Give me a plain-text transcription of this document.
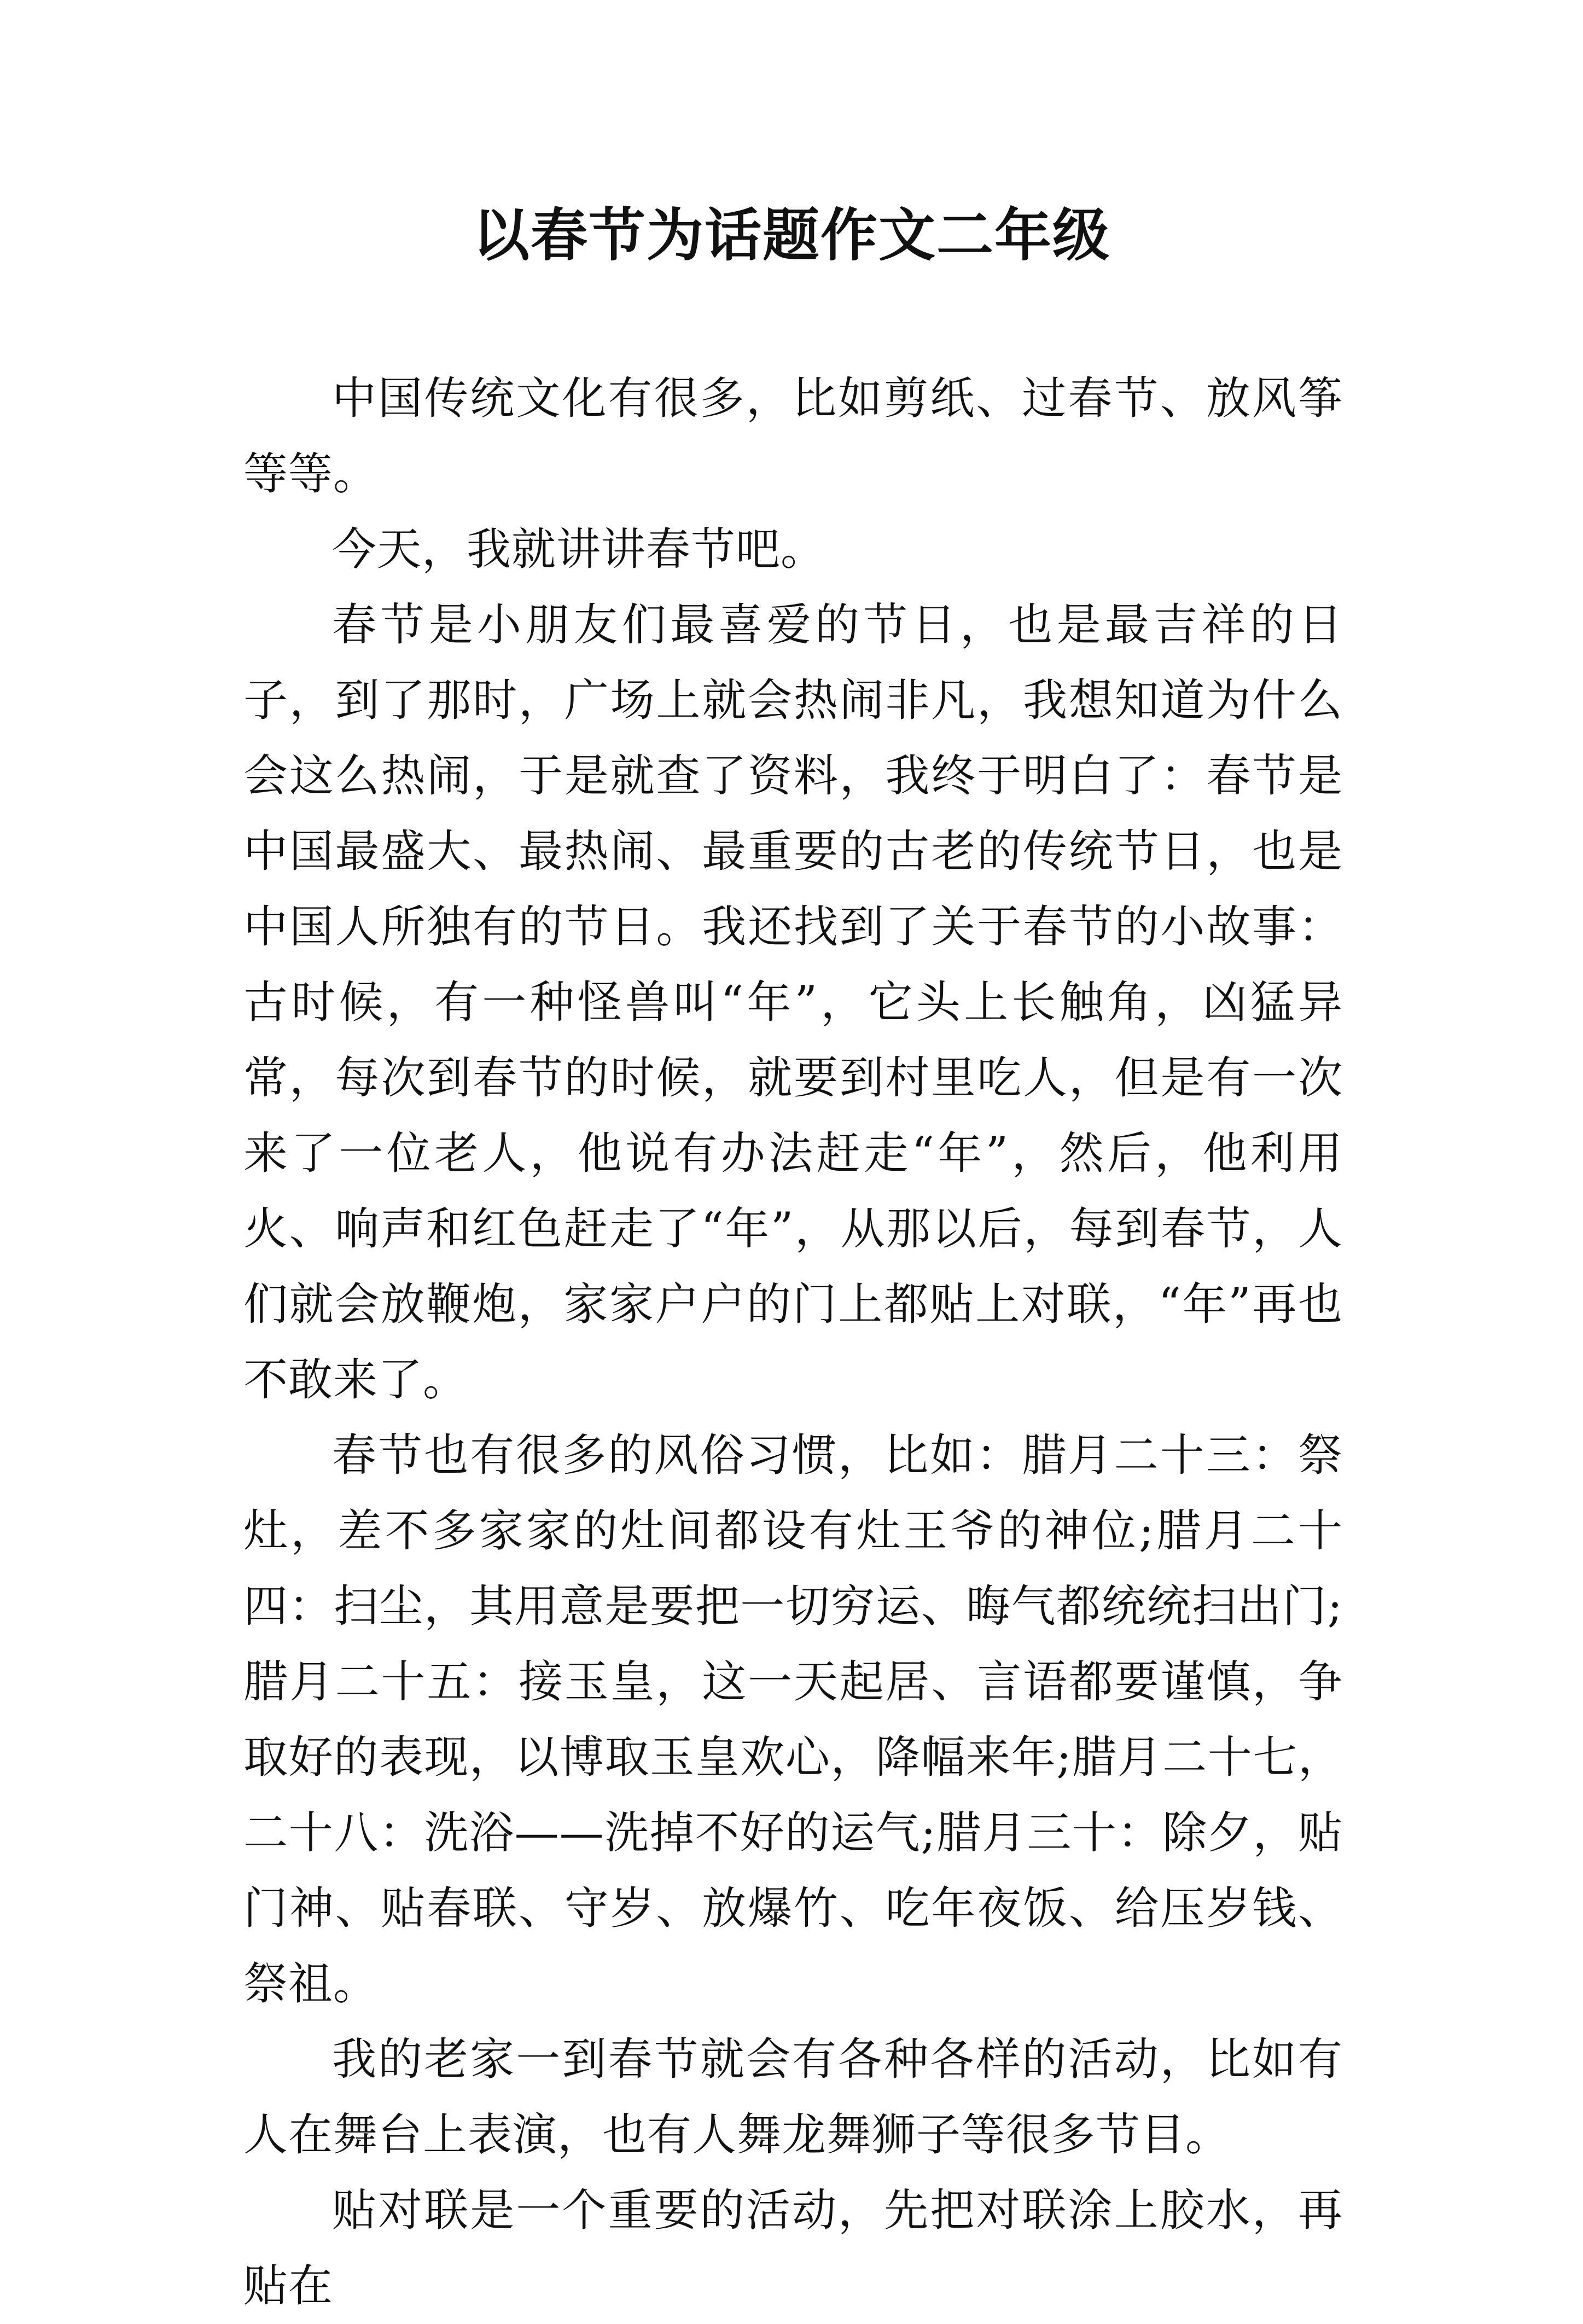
以春节为话题作文二年级

中国传统文化有很多，比如剪纸、过春节、放风筝等等。

今天，我就讲讲春节吧。

春节是小朋友们最喜爱的节日，也是最吉祥的日子，到了那时，广场上就会热闹非凡，我想知道为什么会这么热闹，于是就查了资料，我终于明白了：春节是中国最盛大、最热闹、最重要的古老的传统节日，也是中国人所独有的节日。我还找到了关于春节的小故事：古时候，有一种怪兽叫“年”，它头上长触角，凶猛异常，每次到春节的时候，就要到村里吃人，但是有一次来了一位老人，他说有办法赶走“年”，然后，他利用火、响声和红色赶走了“年”，从那以后，每到春节，人们就会放鞭炮，家家户户的门上都贴上对联，“年”再也不敢来了。

春节也有很多的风俗习惯，比如：腊月二十三：祭灶，差不多家家的灶间都设有灶王爷的神位;腊月二十四：扫尘，其用意是要把一切穷运、晦气都统统扫出门;腊月二十五：接玉皇，这一天起居、言语都要谨慎，争取好的表现，以博取玉皇欢心，降幅来年;腊月二十七，二十八：洗浴——洗掉不好的运气;腊月三十：除夕，贴门神、贴春联、守岁、放爆竹、吃年夜饭、给压岁钱、祭祖。

我的老家一到春节就会有各种各样的活动，比如有人在舞台上表演，也有人舞龙舞狮子等很多节目。

贴对联是一个重要的活动，先把对联涂上胶水，再贴在
